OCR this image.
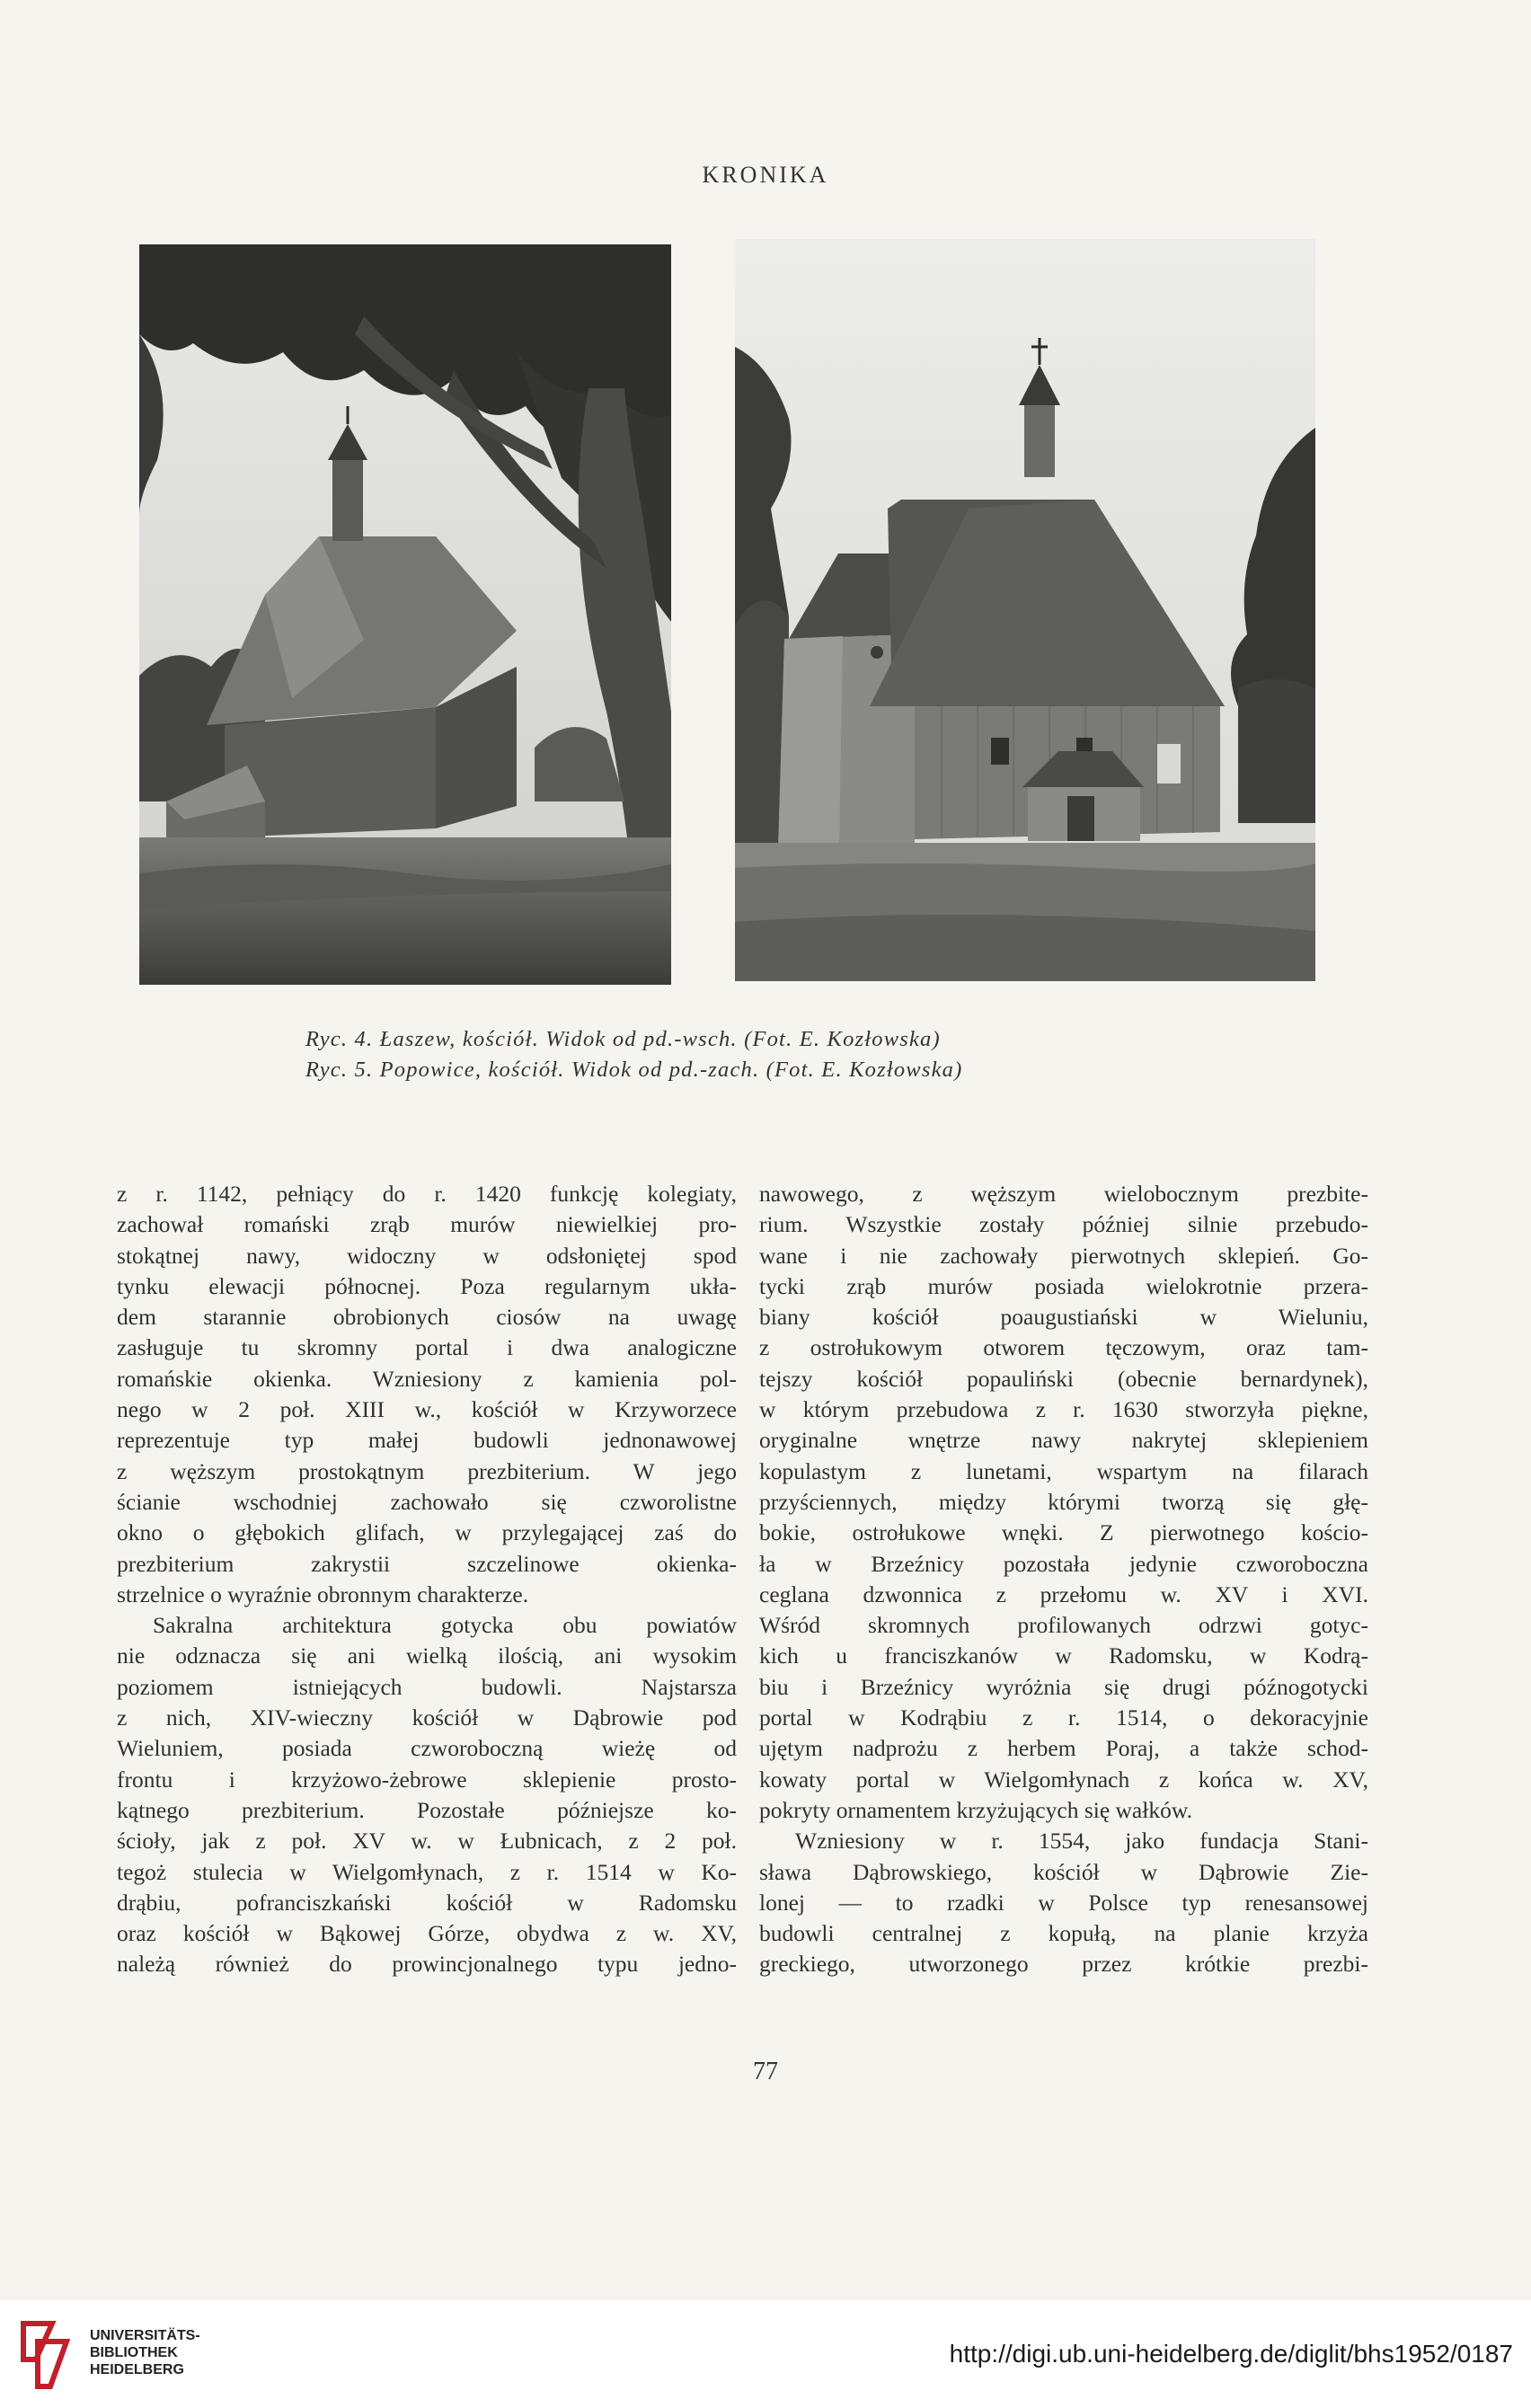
KRONIKA
Ryc. 4. Łaszew, kościół. Widok od pd.-wsch. (Fot. E. Kozłowska)
Ryc. 5. Popowice, kościół. Widok od pd.-zach. (Fot. E. Kozłowska)
z r. 1142, pełniący do r. 1420 funkcję kolegiaty,
zachował romański zrąb murów niewielkiej pro-
stokątnej nawy, widoczny w odsłoniętej spod
tynku elewacji północnej. Poza regularnym ukła-
dem starannie obrobionych ciosów na uwagę
zasługuje tu skromny portal i dwa analogiczne
romańskie okienka. Wzniesiony z kamienia pol-
nego w 2 poł. XIII w., kościół w Krzyworzece
reprezentuje typ małej budowli jednonawowej
z węższym prostokątnym prezbiterium. W jego
ścianie wschodniej zachowało się czworolistne
okno o głębokich glifach, w przylegającej zaś do
prezbiterium zakrystii szczelinowe okienka-
strzelnice o wyraźnie obronnym charakterze.
Sakralna architektura gotycka obu powiatów
nie odznacza się ani wielką ilością, ani wysokim
poziomem istniejących budowli. Najstarsza
z nich, XIV-wieczny kościół w Dąbrowie pod
Wieluniem, posiada czworoboczną wieżę od
frontu i krzyżowo-żebrowe sklepienie prosto-
kątnego prezbiterium. Pozostałe późniejsze ko-
ścioły, jak z poł. XV w. w Łubnicach, z 2 poł.
tegoż stulecia w Wielgomłynach, z r. 1514 w Ko-
drąbiu, pofranciszkański kościół w Radomsku
oraz kościół w Bąkowej Górze, obydwa z w. XV,
należą również do prowincjonalnego typu jedno-
nawowego, z węższym wielobocznym prezbite-
rium. Wszystkie zostały później silnie przebudo-
wane i nie zachowały pierwotnych sklepień. Go-
tycki zrąb murów posiada wielokrotnie przera-
biany kościół poaugustiański w Wieluniu,
z ostrołukowym otworem tęczowym, oraz tam-
tejszy kościół popauliński (obecnie bernardynek),
w którym przebudowa z r. 1630 stworzyła piękne,
oryginalne wnętrze nawy nakrytej sklepieniem
kopulastym z lunetami, wspartym na filarach
przyściennych, między którymi tworzą się głę-
bokie, ostrołukowe wnęki. Z pierwotnego kościo-
ła w Brzeźnicy pozostała jedynie czworoboczna
ceglana dzwonnica z przełomu w. XV i XVI.
Wśród skromnych profilowanych odrzwi gotyc-
kich u franciszkanów w Radomsku, w Kodrą-
biu i Brzeźnicy wyróżnia się drugi późnogotycki
portal w Kodrąbiu z r. 1514, o dekoracyjnie
ujętym nadprożu z herbem Poraj, a także schod-
kowaty portal w Wielgomłynach z końca w. XV,
pokryty ornamentem krzyżujących się wałków.
Wzniesiony w r. 1554, jako fundacja Stani-
sława Dąbrowskiego, kościół w Dąbrowie Zie-
lonej — to rzadki w Polsce typ renesansowej
budowli centralnej z kopułą, na planie krzyża
greckiego, utworzonego przez krótkie prezbi-
77
UNIVERSITÄTS-
BIBLIOTHEK
HEIDELBERG
http://digi.ub.uni-heidelberg.de/diglit/bhs1952/0187
